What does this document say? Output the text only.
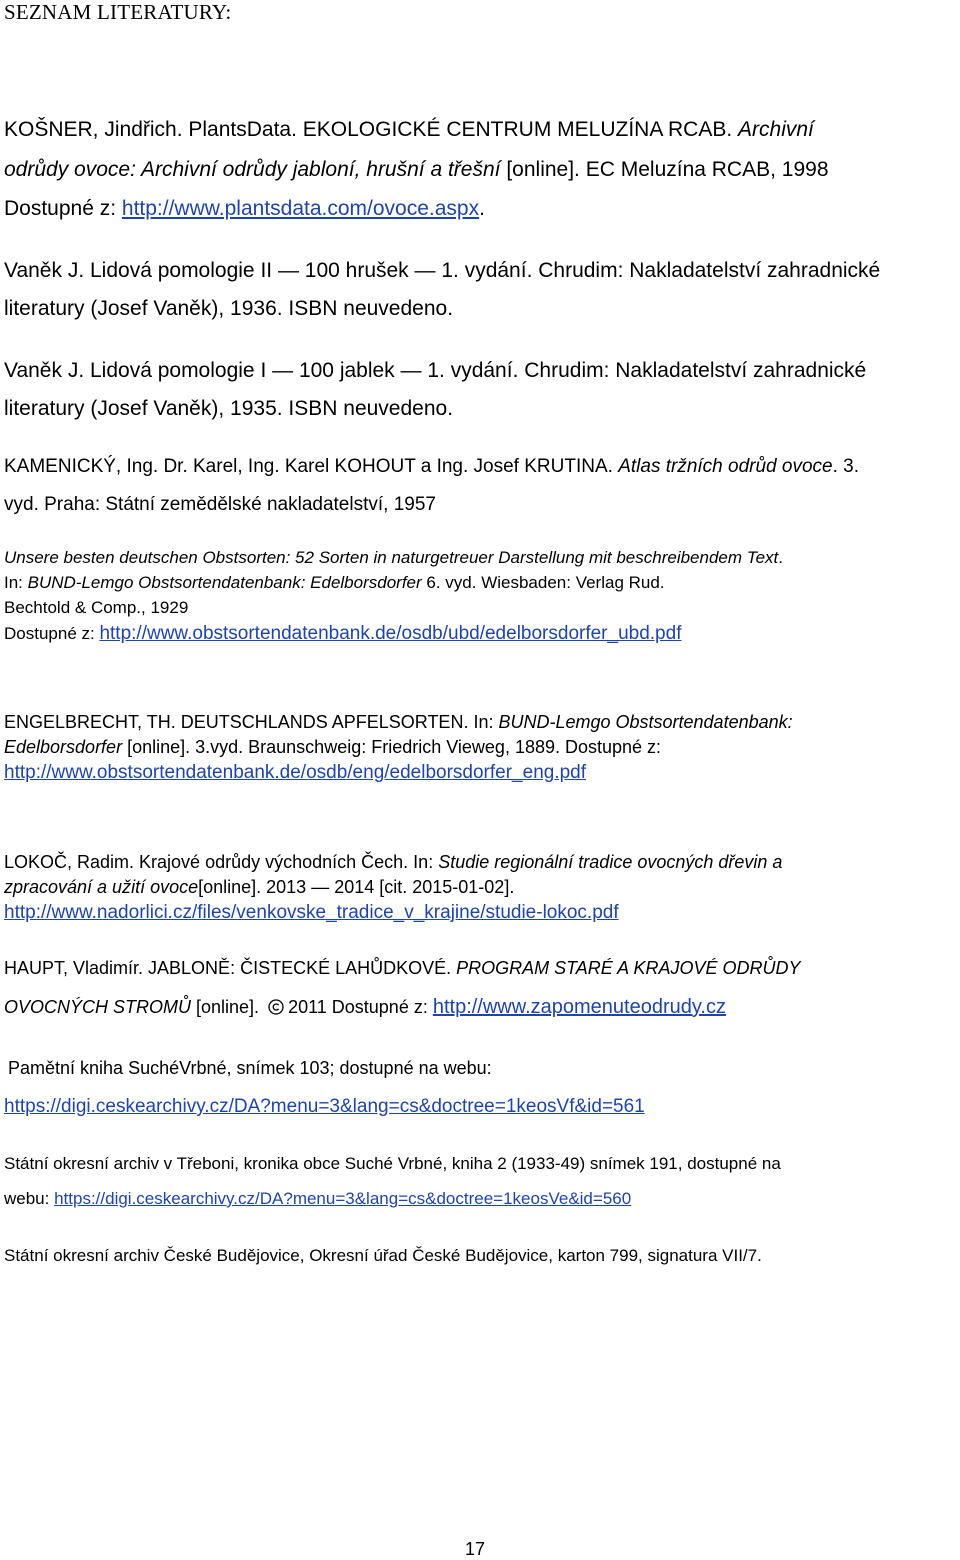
SEZNAM LITERATURY:
KOŠNER, Jindřich. PlantsData. EKOLOGICKÉ CENTRUM MELUZÍNA RCAB. Archivní
odrůdy ovoce: Archivní odrůdy jabloní, hrušní a třešní [online]. EC Meluzína RCAB, 1998
Dostupné z: http://www.plantsdata.com/ovoce.aspx.
Vaněk J. Lidová pomologie II — 100 hrušek — 1. vydání. Chrudim: Nakladatelství zahradnické
literatury (Josef Vaněk), 1936. ISBN neuvedeno.
Vaněk J. Lidová pomologie I — 100 jablek — 1. vydání. Chrudim: Nakladatelství zahradnické
literatury (Josef Vaněk), 1935. ISBN neuvedeno.
KAMENICKÝ, Ing. Dr. Karel, Ing. Karel KOHOUT a Ing. Josef KRUTINA. Atlas tržních odrůd ovoce. 3.
vyd. Praha: Státní zemědělské nakladatelství, 1957
Unsere besten deutschen Obstsorten: 52 Sorten in naturgetreuer Darstellung mit beschreibendem Text.
In: BUND-Lemgo Obstsortendatenbank: Edelborsdorfer 6. vyd. Wiesbaden: Verlag Rud.
Bechtold & Comp., 1929
Dostupné z: http://www.obstsortendatenbank.de/osdb/ubd/edelborsdorfer_ubd.pdf
ENGELBRECHT, TH. DEUTSCHLANDS APFELSORTEN. In: BUND-Lemgo Obstsortendatenbank:
Edelborsdorfer [online]. 3.vyd. Braunschweig: Friedrich Vieweg, 1889. Dostupné z:
http://www.obstsortendatenbank.de/osdb/eng/edelborsdorfer_eng.pdf
LOKOČ, Radim. Krajové odrůdy východních Čech. In: Studie regionální tradice ovocných dřevin a
zpracování a užití ovoce[online]. 2013 — 2014 [cit. 2015-01-02].
http://www.nadorlici.cz/files/venkovske_tradice_v_krajine/studie-lokoc.pdf
HAUPT, Vladimír. JABLONĚ: ČISTECKÉ LAHŮDKOVÉ. PROGRAM STARÉ A KRAJOVÉ ODRŮDY
OVOCNÝCH STROMŮ [online]. 2011 Dostupné z: http://www.zapomenuteodrudy.cz
Pamětní kniha SuchéVrbné, snímek 103; dostupné na webu:
https://digi.ceskearchivy.cz/DA?menu=3&lang=cs&doctree=1keosVf&id=561
Státní okresní archiv v Třeboni, kronika obce Suché Vrbné, kniha 2 (1933-49) snímek 191, dostupné na
webu: https://digi.ceskearchivy.cz/DA?menu=3&lang=cs&doctree=1keosVe&id=560
Státní okresní archiv České Budějovice, Okresní úřad České Budějovice, karton 799, signatura VII/7.
17
